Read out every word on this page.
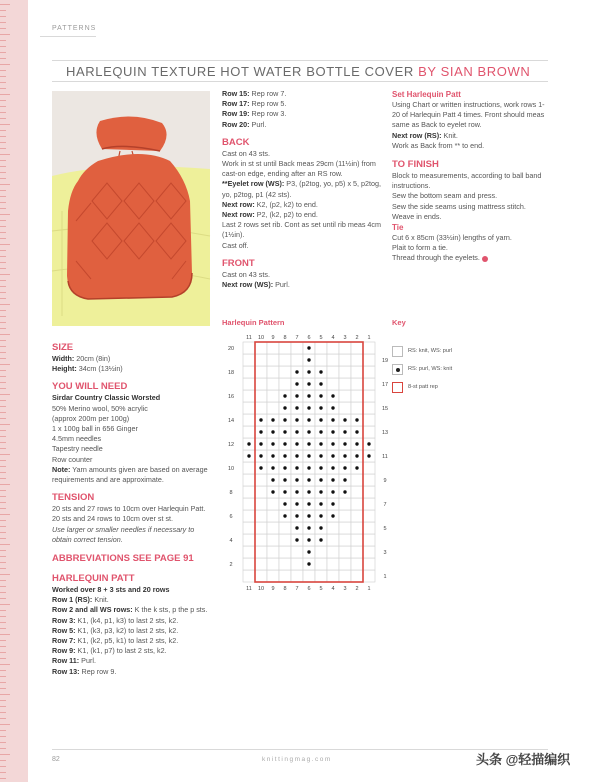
PATTERNS
HARLEQUIN TEXTURE HOT WATER BOTTLE COVER BY SIAN BROWN
SIZE
Width: 20cm (8in)
Height: 34cm (13½in)
YOU WILL NEED
Sirdar Country Classic Worsted
50% Merino wool, 50% acrylic
(approx 200m per 100g)
1 x 100g ball in 656 Ginger
4.5mm needles
Tapestry needle
Row counter
Note: Yarn amounts given are based on average requirements and are approximate.
TENSION
20 sts and 27 rows to 10cm over Harlequin Patt.
20 sts and 24 rows to 10cm over st st.
Use larger or smaller needles if necessary to obtain correct tension.
ABBREVIATIONS SEE PAGE 91
HARLEQUIN PATT
Worked over 8 + 3 sts and 20 rows
Row 1 (RS): Knit.
Row 2 and all WS rows: K the k sts, p the p sts.
Row 3: K1, (k4, p1, k3) to last 2 sts, k2.
Row 5: K1, (k3, p3, k2) to last 2 sts, k2.
Row 7: K1, (k2, p5, k1) to last 2 sts, k2.
Row 9: K1, (k1, p7) to last 2 sts, k2.
Row 11: Purl.
Row 13: Rep row 9.
Row 15: Rep row 7.
Row 17: Rep row 5.
Row 19: Rep row 3.
Row 20: Purl.
BACK
Cast on 43 sts.
Work in st st until Back meas 29cm (11½in) from cast-on edge, ending after an RS row.
**Eyelet row (WS): P3, (p2tog, yo, p5) x 5, p2tog, yo, p2tog, p1 (42 sts).
Next row: K2, (p2, k2) to end.
Next row: P2, (k2, p2) to end.
Last 2 rows set rib. Cont as set until rib meas 4cm (1½in).
Cast off.
FRONT
Cast on 43 sts.
Next row (WS): Purl.
Set Harlequin Patt
Using Chart or written instructions, work rows 1-20 of Harlequin Patt 4 times. Front should meas same as Back to eyelet row.
Next row (RS): Knit.
Work as Back from ** to end.
TO FINISH
Block to measurements, according to ball band instructions.
Sew the bottom seam and press.
Sew the side seams using mattress stitch.
Weave in ends.
Tie
Cut 6 x 85cm (33½in) lengths of yarn.
Plait to form a tie.
Thread through the eyelets.
Harlequin Pattern
11
11
10
10
9
9
8
8
7
7
6
6
5
5
4
4
3
3
2
2
1
1
20
18
16
14
12
10
8
6
4
2
19
17
15
13
11
9
7
5
3
1
Key
RS: knit, WS: purl
RS: purl, WS: knit
8-st patt rep
82	knittingmag.com	头条 @轻描编织
